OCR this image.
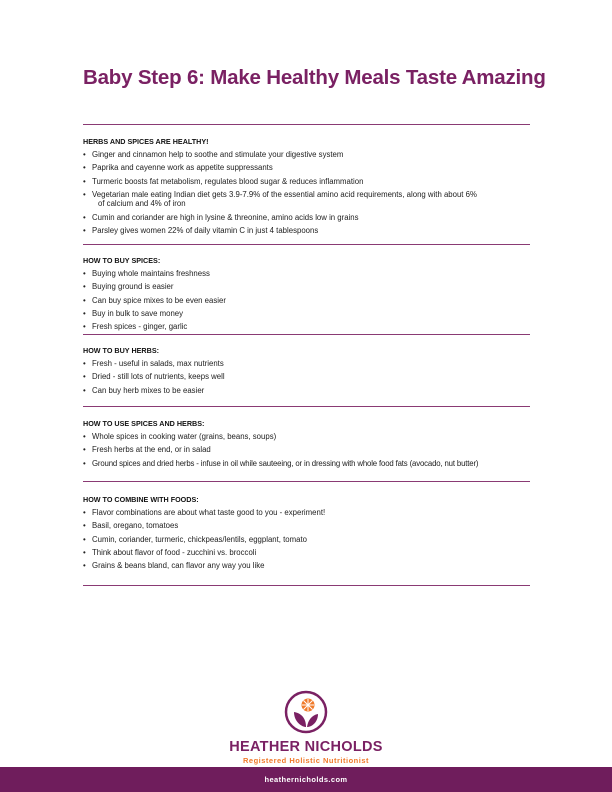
Baby Step 6: Make Healthy Meals Taste Amazing
HERBS AND SPICES ARE HEALTHY!
• Ginger and cinnamon help to soothe and stimulate your digestive system
• Paprika and cayenne work as appetite suppressants
• Turmeric boosts fat metabolism, regulates blood sugar & reduces inflammation
• Vegetarian male eating Indian diet gets 3.9-7.9% of the essential amino acid requirements, along with about 6%
of calcium and 4% of iron
• Cumin and coriander are high in lysine & threonine, amino acids low in grains
• Parsley gives women 22% of daily vitamin C in just 4 tablespoons
HOW TO BUY SPICES:
• Buying whole maintains freshness
• Buying ground is easier
• Can buy spice mixes to be even easier
• Buy in bulk to save money
• Fresh spices - ginger, garlic
HOW TO BUY HERBS:
• Fresh - useful in salads, max nutrients
• Dried - still lots of nutrients, keeps well
• Can buy herb mixes to be easier
HOW TO USE SPICES AND HERBS:
• Whole spices in cooking water (grains, beans, soups)
• Fresh herbs at the end, or in salad
• Ground spices and dried herbs - infuse in oil while sauteeing, or in dressing with whole food fats (avocado, nut butter)
HOW TO COMBINE WITH FOODS:
• Flavor combinations are about what taste good to you - experiment!
• Basil, oregano, tomatoes
• Cumin, coriander, turmeric, chickpeas/lentils, eggplant, tomato
• Think about flavor of food - zucchini vs. broccoli
• Grains & beans bland, can flavor any way you like
HEATHER NICHOLDS
Registered Holistic Nutritionist
heathernicholds.com
